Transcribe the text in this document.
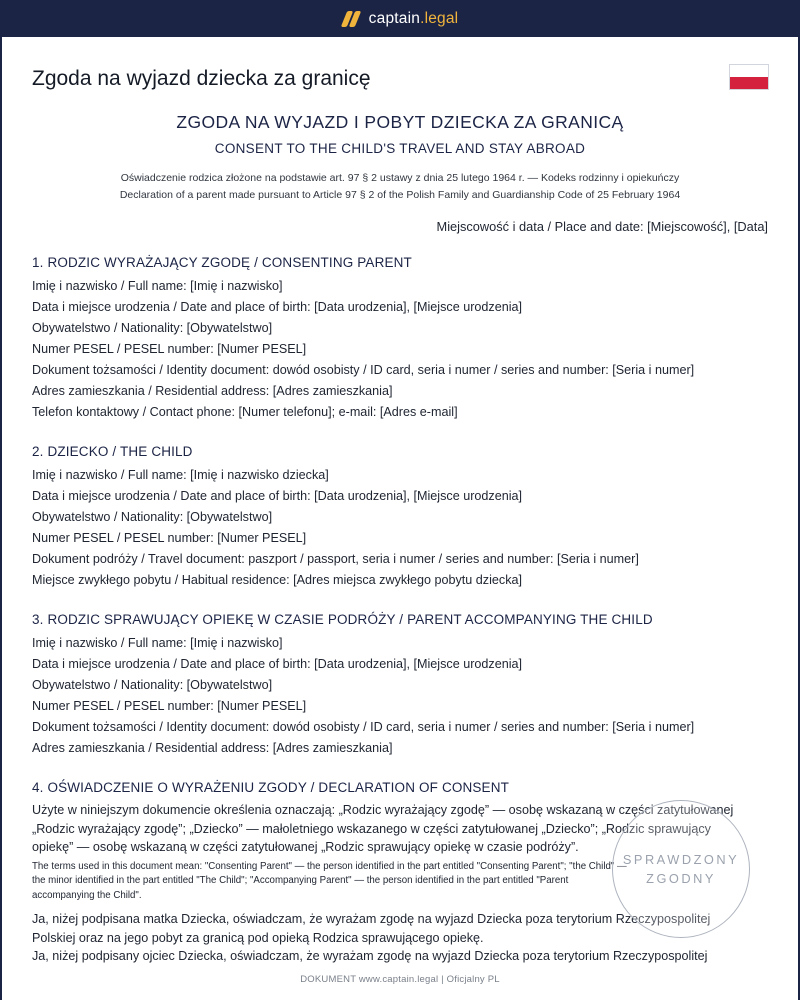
captain.legal
Zgoda na wyjazd dziecka za granicę
ZGODA NA WYJAZD I POBYT DZIECKA ZA GRANICĄ
CONSENT TO THE CHILD'S TRAVEL AND STAY ABROAD
Oświadczenie rodzica złożone na podstawie art. 97 § 2 ustawy z dnia 25 lutego 1964 r. — Kodeks rodzinny i opiekuńczy
Declaration of a parent made pursuant to Article 97 § 2 of the Polish Family and Guardianship Code of 25 February 1964
Miejscowość i data / Place and date: [Miejscowość], [Data]
1. RODZIC WYRAŻAJĄCY ZGODĘ / CONSENTING PARENT
Imię i nazwisko / Full name: [Imię i nazwisko]
Data i miejsce urodzenia / Date and place of birth: [Data urodzenia], [Miejsce urodzenia]
Obywatelstwo / Nationality: [Obywatelstwo]
Numer PESEL / PESEL number: [Numer PESEL]
Dokument tożsamości / Identity document: dowód osobisty / ID card, seria i numer / series and number: [Seria i numer]
Adres zamieszkania / Residential address: [Adres zamieszkania]
Telefon kontaktowy / Contact phone: [Numer telefonu]; e-mail: [Adres e-mail]
2. DZIECKO / THE CHILD
Imię i nazwisko / Full name: [Imię i nazwisko dziecka]
Data i miejsce urodzenia / Date and place of birth: [Data urodzenia], [Miejsce urodzenia]
Obywatelstwo / Nationality: [Obywatelstwo]
Numer PESEL / PESEL number: [Numer PESEL]
Dokument podróży / Travel document: paszport / passport, seria i numer / series and number: [Seria i numer]
Miejsce zwykłego pobytu / Habitual residence: [Adres miejsca zwykłego pobytu dziecka]
3. RODZIC SPRAWUJĄCY OPIEKĘ W CZASIE PODRÓŻY / PARENT ACCOMPANYING THE CHILD
Imię i nazwisko / Full name: [Imię i nazwisko]
Data i miejsce urodzenia / Date and place of birth: [Data urodzenia], [Miejsce urodzenia]
Obywatelstwo / Nationality: [Obywatelstwo]
Numer PESEL / PESEL number: [Numer PESEL]
Dokument tożsamości / Identity document: dowód osobisty / ID card, seria i numer / series and number: [Seria i numer]
Adres zamieszkania / Residential address: [Adres zamieszkania]
4. OŚWIADCZENIE O WYRAŻENIU ZGODY / DECLARATION OF CONSENT
Użyte w niniejszym dokumencie określenia oznaczają: „Rodzic wyrażający zgodę” — osobę wskazaną w części zatytułowanej
„Rodzic wyrażający zgodę”; „Dziecko” — małoletniego wskazanego w części zatytułowanej „Dziecko”; „Rodzic sprawujący
opiekę” — osobę wskazaną w części zatytułowanej „Rodzic sprawujący opiekę w czasie podróży”.
The terms used in this document mean: "Consenting Parent" — the person identified in the part entitled "Consenting Parent"; "the Child" —
the minor identified in the part entitled "The Child"; "Accompanying Parent" — the person identified in the part entitled "Parent
accompanying the Child".
Ja, niżej podpisana matka Dziecka, oświadczam, że wyrażam zgodę na wyjazd Dziecka poza terytorium Rzeczypospolitej
Polskiej oraz na jego pobyt za granicą pod opieką Rodzica sprawującego opiekę.
Ja, niżej podpisany ojciec Dziecka, oświadczam, że wyrażam zgodę na wyjazd Dziecka poza terytorium Rzeczypospolitej
SPRAWDZONY
ZGODNY
DOKUMENT www.captain.legal | Oficjalny PL
